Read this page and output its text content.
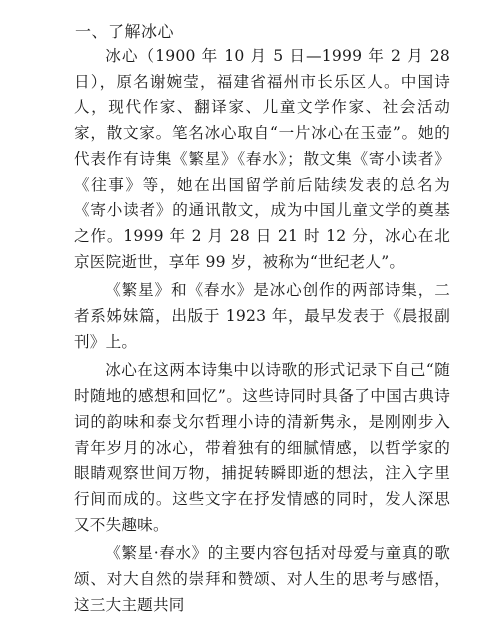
一、了解冰心

冰心（1900 年 10 月 5 日—1999 年 2 月 28 日），原名谢婉莹，福建省福州市长乐区人。中国诗人，现代作家、翻译家、儿童文学作家、社会活动家，散文家。笔名冰心取自“一片冰心在玉壶”。她的代表作有诗集《繁星》《春水》；散文集《寄小读者》《往事》等，她在出国留学前后陆续发表的总名为《寄小读者》的通讯散文，成为中国儿童文学的奠基之作。1999 年 2 月 28 日 21 时 12 分，冰心在北京医院逝世，享年 99 岁，被称为“世纪老人”。

《繁星》和《春水》是冰心创作的两部诗集，二者系姊妹篇，出版于 1923 年，最早发表于《晨报副刊》上。

冰心在这两本诗集中以诗歌的形式记录下自己“随时随地的感想和回忆”。这些诗同时具备了中国古典诗词的韵味和泰戈尔哲理小诗的清新隽永，是刚刚步入青年岁月的冰心，带着独有的细腻情感，以哲学家的眼睛观察世间万物，捕捉转瞬即逝的想法，注入字里行间而成的。这些文字在抒发情感的同时，发人深思又不失趣味。

《繁星·春水》的主要内容包括对母爱与童真的歌颂、对大自然的崇拜和赞颂、对人生的思考与感悟，这三大主题共同
